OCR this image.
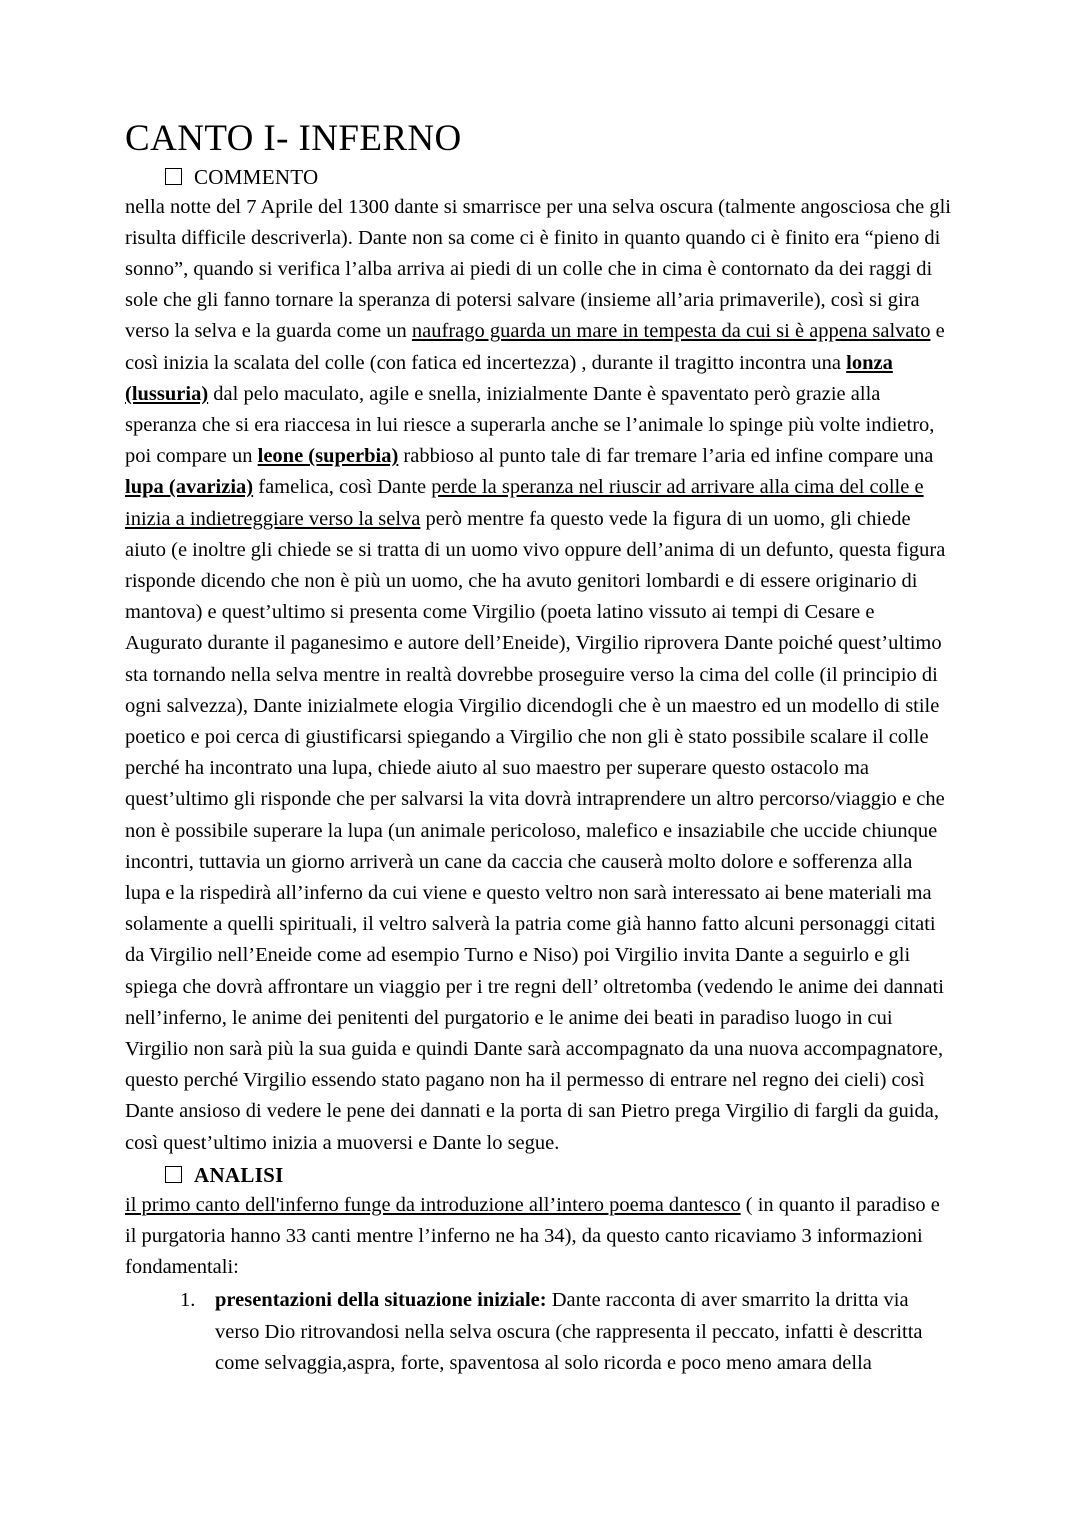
CANTO I- INFERNO
COMMENTO

nella notte del 7 Aprile del 1300 dante si smarrisce per una selva oscura (talmente angosciosa che gli risulta difficile descriverla). Dante non sa come ci è finito in quanto quando ci è finito era “pieno di sonno”, quando si verifica l’alba arriva ai piedi di un colle che in cima è contornato da dei raggi di sole che gli fanno tornare la speranza di potersi salvare (insieme all’aria primaverile), così si gira verso la selva e la guarda come un naufrago guarda un mare in tempesta da cui si è appena salvato e così inizia la scalata del colle (con fatica ed incertezza) , durante il tragitto incontra una lonza (lussuria) dal pelo maculato, agile e snella, inizialmente Dante è spaventato però grazie alla speranza che si era riaccesa in lui riesce a superarla anche se l’animale lo spinge più volte indietro, poi compare un leone (superbia) rabbioso al punto tale di far tremare l’aria ed infine compare una lupa (avarizia) famelica, così Dante perde la speranza nel riuscir ad arrivare alla cima del colle e inizia a indietreggiare verso la selva però mentre fa questo vede la figura di un uomo, gli chiede aiuto (e inoltre gli chiede se si tratta di un uomo vivo oppure dell’anima di un defunto, questa figura risponde dicendo che non è più un uomo, che ha avuto genitori lombardi e di essere originario di mantova) e quest’ultimo si presenta come Virgilio (poeta latino vissuto ai tempi di Cesare e Augurato durante il paganesimo e autore dell’Eneide), Virgilio riprovera Dante poiché quest’ultimo sta tornando nella selva mentre in realtà dovrebbe proseguire verso la cima del colle (il principio di ogni salvezza), Dante inizialmete elogia Virgilio dicendogli che è un maestro ed un modello di stile poetico e poi cerca di giustificarsi spiegando a Virgilio che non gli è stato possibile scalare il colle perché ha incontrato una lupa, chiede aiuto al suo maestro per superare questo ostacolo ma quest’ultimo gli risponde che per salvarsi la vita dovrà intraprendere un altro percorso/viaggio e che non è possibile superare la lupa (un animale pericoloso, malefico e insaziabile che uccide chiunque incontri, tuttavia un giorno arriverà un cane da caccia che causerà molto dolore e sofferenza alla lupa e la rispedirà all’inferno da cui viene e questo veltro non sarà interessato ai bene materiali ma solamente a quelli spirituali, il veltro salverà la patria come già hanno fatto alcuni personaggi citati da Virgilio nell’Eneide come ad esempio Turno e Niso) poi Virgilio invita Dante a seguirlo e gli spiega che dovrà affrontare un viaggio per i tre regni dell’ oltretomba (vedendo le anime dei dannati nell’inferno, le anime dei penitenti del purgatorio e le anime dei beati in paradiso luogo in cui Virgilio non sarà più la sua guida e quindi Dante sarà accompagnato da una nuova accompagnatore, questo perché Virgilio essendo stato pagano non ha il permesso di entrare nel regno dei cieli) così Dante ansioso di vedere le pene dei dannati e la porta di san Pietro prega Virgilio di fargli da guida, così quest’ultimo inizia a muoversi e Dante lo segue.

ANALISI

il primo canto dell'inferno funge da introduzione all’intero poema dantesco ( in quanto il paradiso e il purgatoria hanno 33 canti mentre l’inferno ne ha 34), da questo canto ricaviamo 3 informazioni fondamentali:

presentazioni della situazione iniziale: Dante racconta di aver smarrito la dritta via verso Dio ritrovandosi nella selva oscura (che rappresenta il peccato, infatti è descritta come selvaggia,aspra, forte, spaventosa al solo ricorda e poco meno amara della
